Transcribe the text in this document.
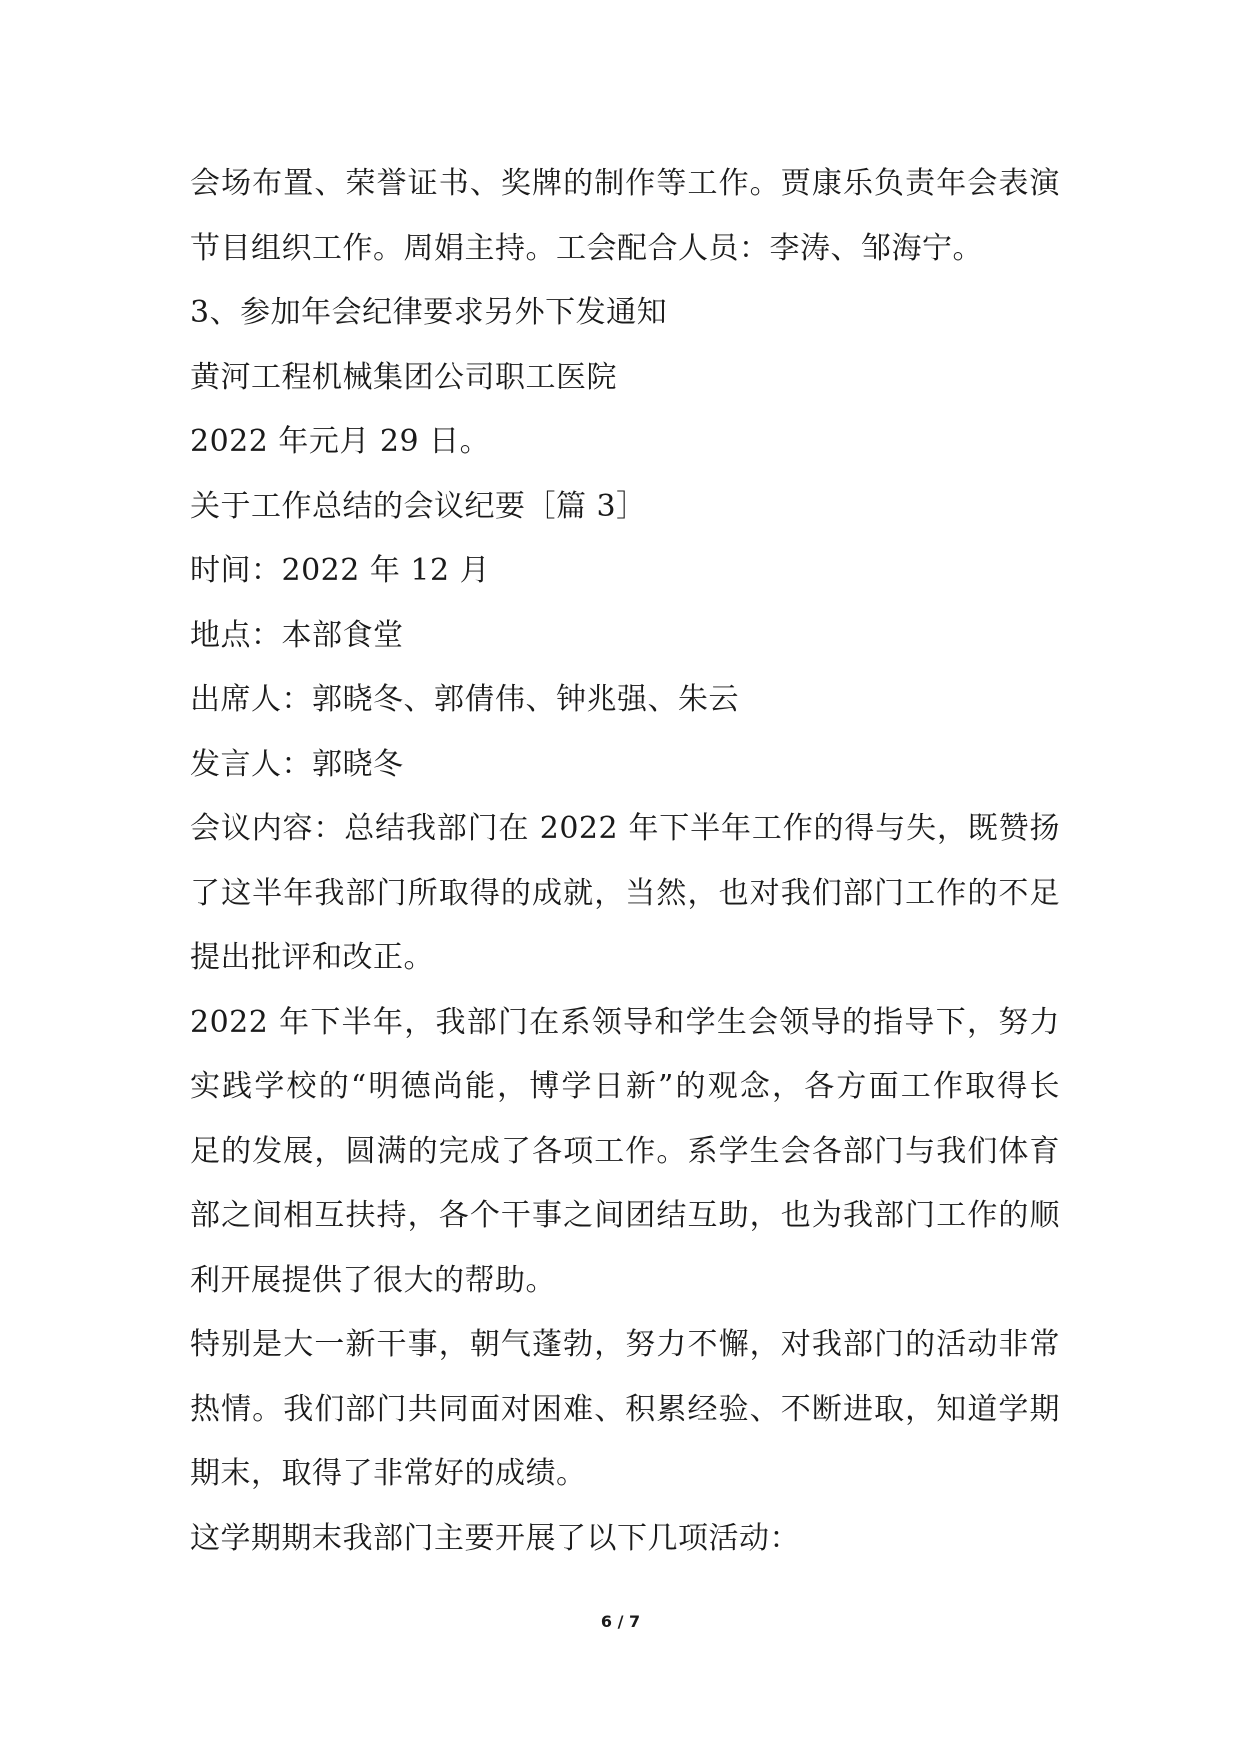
会场布置、荣誉证书、奖牌的制作等工作。贾康乐负责年会表演
节目组织工作。周娟主持。工会配合人员：李涛、邹海宁。
3、参加年会纪律要求另外下发通知
黄河工程机械集团公司职工医院
2022 年元月 29 日。
关于工作总结的会议纪要［篇 3］
时间：2022 年 12 月
地点：本部食堂
出席人：郭晓冬、郭倩伟、钟兆强、朱云
发言人：郭晓冬
会议内容：总结我部门在 2022 年下半年工作的得与失，既赞扬
了这半年我部门所取得的成就，当然，也对我们部门工作的不足
提出批评和改正。
2022 年下半年，我部门在系领导和学生会领导的指导下，努力
实践学校的“明德尚能，博学日新”的观念，各方面工作取得长
足的发展，圆满的完成了各项工作。系学生会各部门与我们体育
部之间相互扶持，各个干事之间团结互助，也为我部门工作的顺
利开展提供了很大的帮助。
特别是大一新干事，朝气蓬勃，努力不懈，对我部门的活动非常
热情。我们部门共同面对困难、积累经验、不断进取，知道学期
期末，取得了非常好的成绩。
这学期期末我部门主要开展了以下几项活动：
6 / 7
